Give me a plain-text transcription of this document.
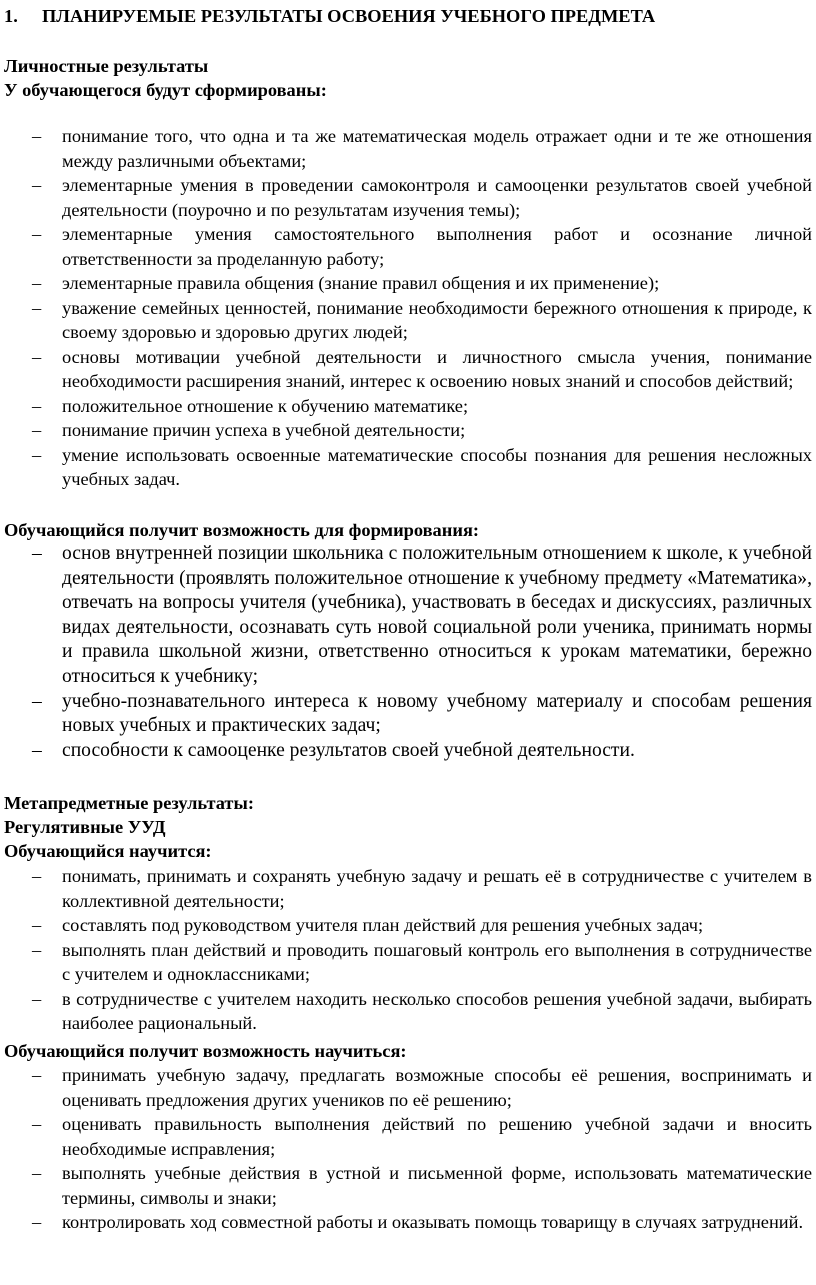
1. ПЛАНИРУЕМЫЕ РЕЗУЛЬТАТЫ ОСВОЕНИЯ УЧЕБНОГО ПРЕДМЕТА

Личностные результаты

У обучающегося будут сформированы:

– понимание того, что одна и та же математическая модель отражает одни и те же отношения между различными объектами;
– элементарные умения в проведении самоконтроля и самооценки результатов своей учебной деятельности (поурочно и по результатам изучения темы);
– элементарные умения самостоятельного выполнения работ и осознание личной ответственности за проделанную работу;
– элементарные правила общения (знание правил общения и их применение);
– уважение семейных ценностей, понимание необходимости бережного отношения к природе, к своему здоровью и здоровью других людей;
– основы мотивации учебной деятельности и личностного смысла учения, понимание необходимости расширения знаний, интерес к освоению новых знаний и способов действий;
– положительное отношение к обучению математике;
– понимание причин успеха в учебной деятельности;
– умение использовать освоенные математические способы познания для решения несложных учебных задач.

Обучающийся получит возможность для формирования:

– основ внутренней позиции школьника с положительным отношением к школе, к учебной деятельности (проявлять положительное отношение к учебному предмету «Математика», отвечать на вопросы учителя (учебника), участвовать в беседах и дискуссиях, различных видах деятельности, осознавать суть новой социальной роли ученика, принимать нормы и правила школьной жизни, ответственно относиться к урокам математики, бережно относиться к учебнику;
– учебно-познавательного интереса к новому учебному материалу и способам решения новых учебных и практических задач;
– способности к самооценке результатов своей учебной деятельности.

Метапредметные результаты:

Регулятивные УУД

Обучающийся научится:

– понимать, принимать и сохранять учебную задачу и решать её в сотрудничестве с учителем в коллективной деятельности;
– составлять под руководством учителя план действий для решения учебных задач;
– выполнять план действий и проводить пошаговый контроль его выполнения в сотрудничестве с учителем и одноклассниками;
– в сотрудничестве с учителем находить несколько способов решения учебной задачи, выбирать наиболее рациональный.

Обучающийся получит возможность научиться:

– принимать учебную задачу, предлагать возможные способы её решения, воспринимать и оценивать предложения других учеников по её решению;
– оценивать правильность выполнения действий по решению учебной задачи и вносить необходимые исправления;
– выполнять учебные действия в устной и письменной форме, использовать математические термины, символы и знаки;
– контролировать ход совместной работы и оказывать помощь товарищу в случаях затруднений.
